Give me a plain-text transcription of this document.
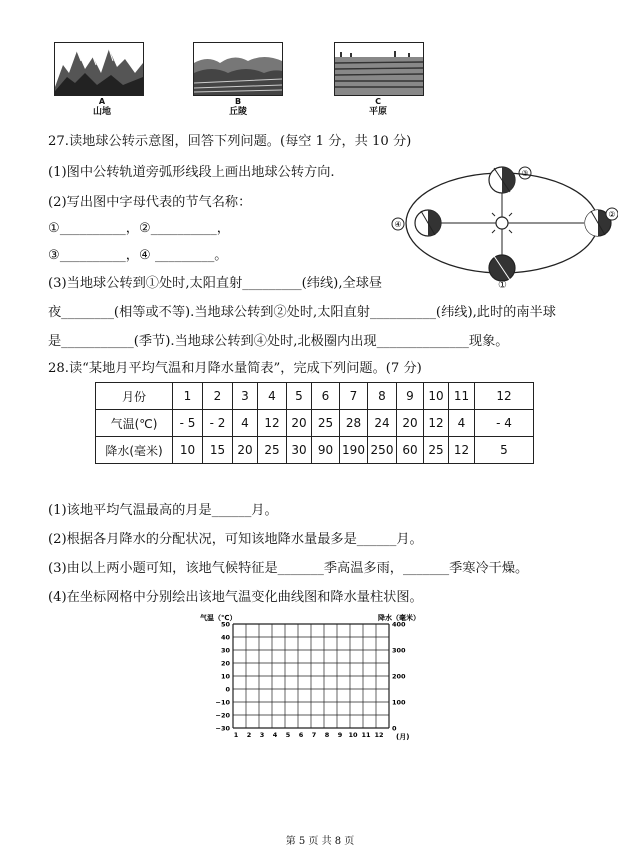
A
山地
B
丘陵
C
平原
27.读地球公转示意图，回答下列问题。(每空 1 分，共 10 分)
(1)图中公转轨道旁弧形线段上画出地球公转方向.
(2)写出图中字母代表的节气名称：
①__________，②__________，
③__________，④ _________。
(3)当地球公转到①处时,太阳直射_________(纬线),全球昼
夜________(相等或不等).当地球公转到②处时,太阳直射__________(纬线),此时的南半球
是___________(季节).当地球公转到④处时,北极圈内出现______________现象。
③
④
②
①
28.读“某地月平均气温和月降水量简表”，完成下列问题。(7 分)
月份	1	2	3	4	5	6	7	8	9	10	11	12
气温(℃)	- 5	- 2	4	12	20	25	28	24	20	12	4	- 4
降水(毫米)	10	15	20	25	30	90	190	250	60	25	12	5
(1)该地平均气温最高的月是______月。
(2)根据各月降水的分配状况，可知该地降水量最多是______月。
(3)由以上两小题可知，该地气候特征是_______季高温多雨，_______季寒冷干燥。
(4)在坐标网格中分别绘出该地气温变化曲线图和降水量柱状图。
气温（℃）	降水（毫米）
50
40
30
20
10
0
−10
−20
−30
400
300
200
100
0
1 2 3 4 5 6 7 8 9 10 11 12 (月)
第 5 页 共 8 页
